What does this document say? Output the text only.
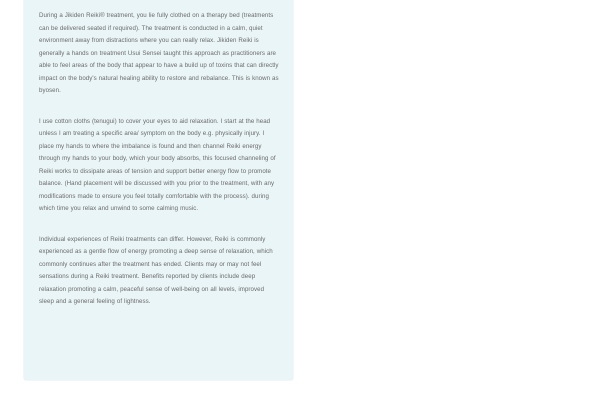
During a Jikiden Reiki® treatment, you lie fully clothed on a therapy bed (treatments can be delivered seated if required). The treatment is conducted in a calm, quiet environment away from distractions where you can really relax. Jikiden Reiki is generally a hands on treatment Usui Sensei taught this approach as practitioners are able to feel areas of the body that appear to have a build up of toxins that can directly impact on the body's natural healing ability to restore and rebalance. This is known as byosen.

I use cotton cloths (tenugui) to cover your eyes to aid relaxation. I start at the head unless I am treating a specific area/ symptom on the body e.g. physically injury. I place my hands to where the imbalance is found and then channel Reiki energy through my hands to your body, which your body absorbs, this focused channeling of Reiki works to dissipate areas of tension and support better energy flow to promote balance. (Hand placement will be discussed with you prior to the treatment, with any modifications made to ensure you feel totally comfortable with the process). during which time you relax and unwind to some calming music.

Individual experiences of Reiki treatments can differ. However, Reiki is commonly experienced as a gentle flow of energy promoting a deep sense of relaxation, which commonly continues after the treatment has ended. Clients may or may not feel sensations during a Reiki treatment. Benefits reported by clients include deep relaxation promoting a calm, peaceful sense of well-being on all levels, improved sleep and a general feeling of lightness.
